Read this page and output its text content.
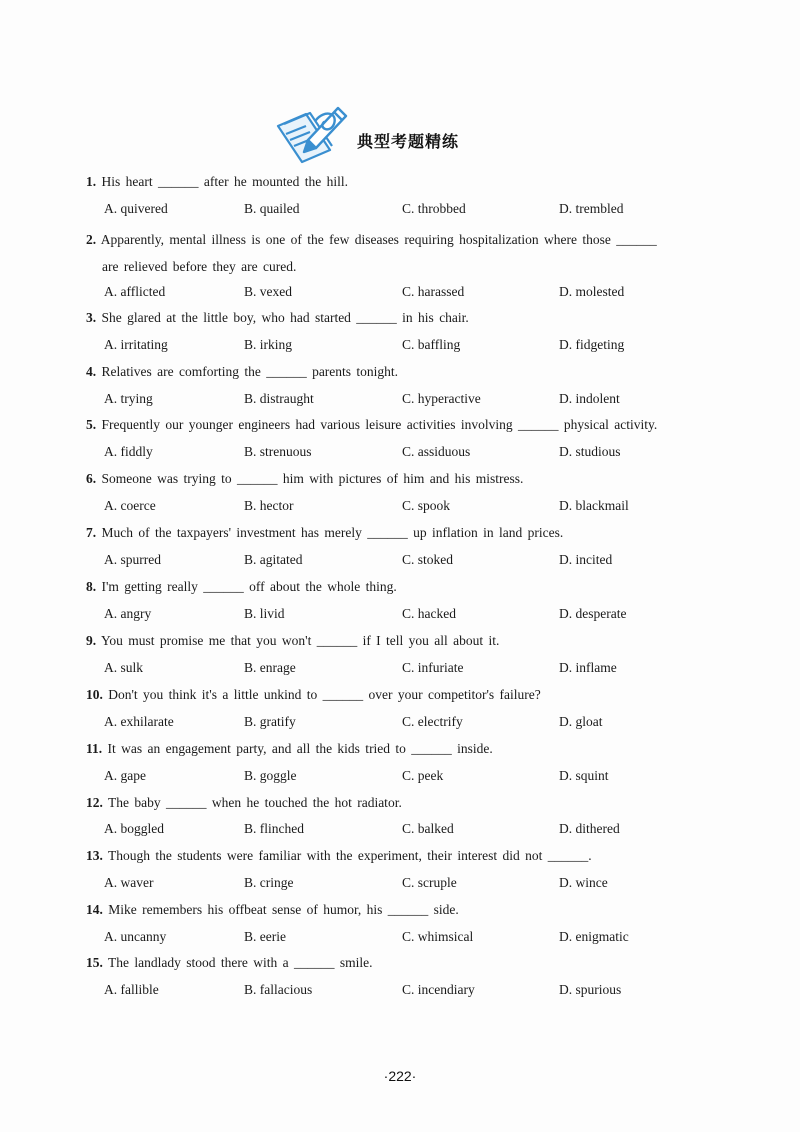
典型考题精练
1. His heart ______ after he mounted the hill.
A. quivered	B. quailed	C. throbbed	D. trembled
2. Apparently, mental illness is one of the few diseases requiring hospitalization where those ______

are relieved before they are cured.
A. afflicted	B. vexed	C. harassed	D. molested
3. She glared at the little boy, who had started ______ in his chair.
A. irritating	B. irking	C. baffling	D. fidgeting
4. Relatives are comforting the ______ parents tonight.
A. trying	B. distraught	C. hyperactive	D. indolent
5. Frequently our younger engineers had various leisure activities involving ______ physical activity.
A. fiddly	B. strenuous	C. assiduous	D. studious
6. Someone was trying to ______ him with pictures of him and his mistress.
A. coerce	B. hector	C. spook	D. blackmail
7. Much of the taxpayers' investment has merely ______ up inflation in land prices.
A. spurred	B. agitated	C. stoked	D. incited
8. I'm getting really ______ off about the whole thing.
A. angry	B. livid	C. hacked	D. desperate
9. You must promise me that you won't ______ if I tell you all about it.
A. sulk	B. enrage	C. infuriate	D. inflame
10. Don't you think it's a little unkind to ______ over your competitor's failure?
A. exhilarate	B. gratify	C. electrify	D. gloat
11. It was an engagement party, and all the kids tried to ______ inside.
A. gape	B. goggle	C. peek	D. squint
12. The baby ______ when he touched the hot radiator.
A. boggled	B. flinched	C. balked	D. dithered
13. Though the students were familiar with the experiment, their interest did not ______.
A. waver	B. cringe	C. scruple	D. wince
14. Mike remembers his offbeat sense of humor, his ______ side.
A. uncanny	B. eerie	C. whimsical	D. enigmatic
15. The landlady stood there with a ______ smile.
A. fallible	B. fallacious	C. incendiary	D. spurious
·222·
